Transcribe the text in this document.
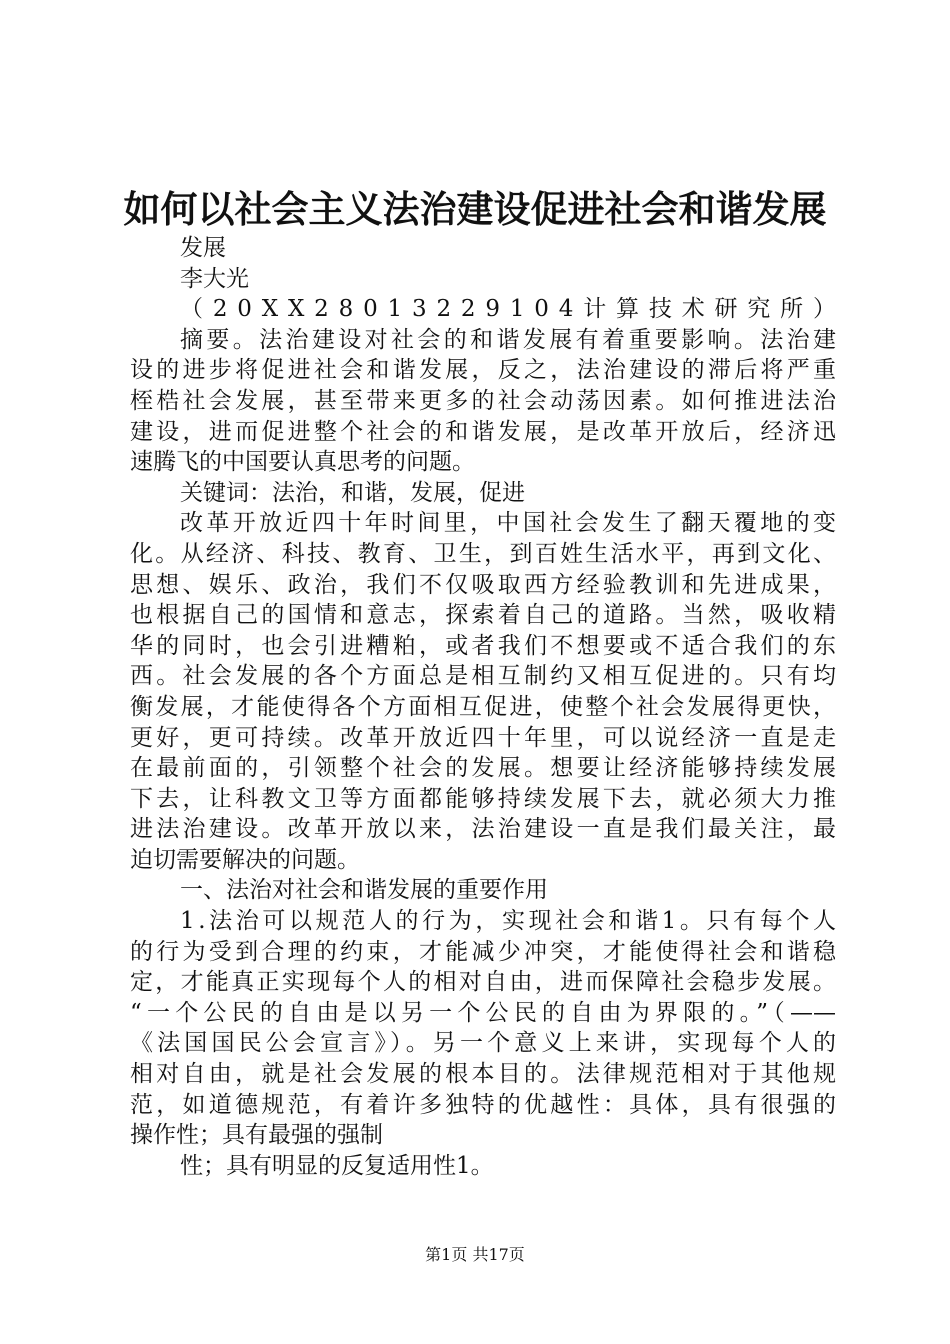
如何以社会主义法治建设促进社会和谐发展
发展
李大光
（20XX28013229104计算技术研究所）
摘要。法治建设对社会的和谐发展有着重要影响。法治建
设的进步将促进社会和谐发展，反之，法治建设的滞后将严重
桎梏社会发展，甚至带来更多的社会动荡因素。如何推进法治
建设，进而促进整个社会的和谐发展，是改革开放后，经济迅
速腾飞的中国要认真思考的问题。
关键词：法治，和谐，发展，促进
改革开放近四十年时间里，中国社会发生了翻天覆地的变
化。从经济、科技、教育、卫生，到百姓生活水平，再到文化、
思想、娱乐、政治，我们不仅吸取西方经验教训和先进成果，
也根据自己的国情和意志，探索着自己的道路。当然，吸收精
华的同时，也会引进糟粕，或者我们不想要或不适合我们的东
西。社会发展的各个方面总是相互制约又相互促进的。只有均
衡发展，才能使得各个方面相互促进，使整个社会发展得更快，
更好，更可持续。改革开放近四十年里，可以说经济一直是走
在最前面的，引领整个社会的发展。想要让经济能够持续发展
下去，让科教文卫等方面都能够持续发展下去，就必须大力推
进法治建设。改革开放以来，法治建设一直是我们最关注，最
迫切需要解决的问题。
一、法治对社会和谐发展的重要作用
1.法治可以规范人的行为，实现社会和谐1。只有每个人
的行为受到合理的约束，才能减少冲突，才能使得社会和谐稳
定，才能真正实现每个人的相对自由，进而保障社会稳步发展。
“一个公民的自由是以另一个公民的自由为界限的。”（——
《法国国民公会宣言》）。另一个意义上来讲，实现每个人的
相对自由，就是社会发展的根本目的。法律规范相对于其他规
范，如道德规范，有着许多独特的优越性：具体，具有很强的
操作性；具有最强的强制
性；具有明显的反复适用性1。
第1页 共17页
